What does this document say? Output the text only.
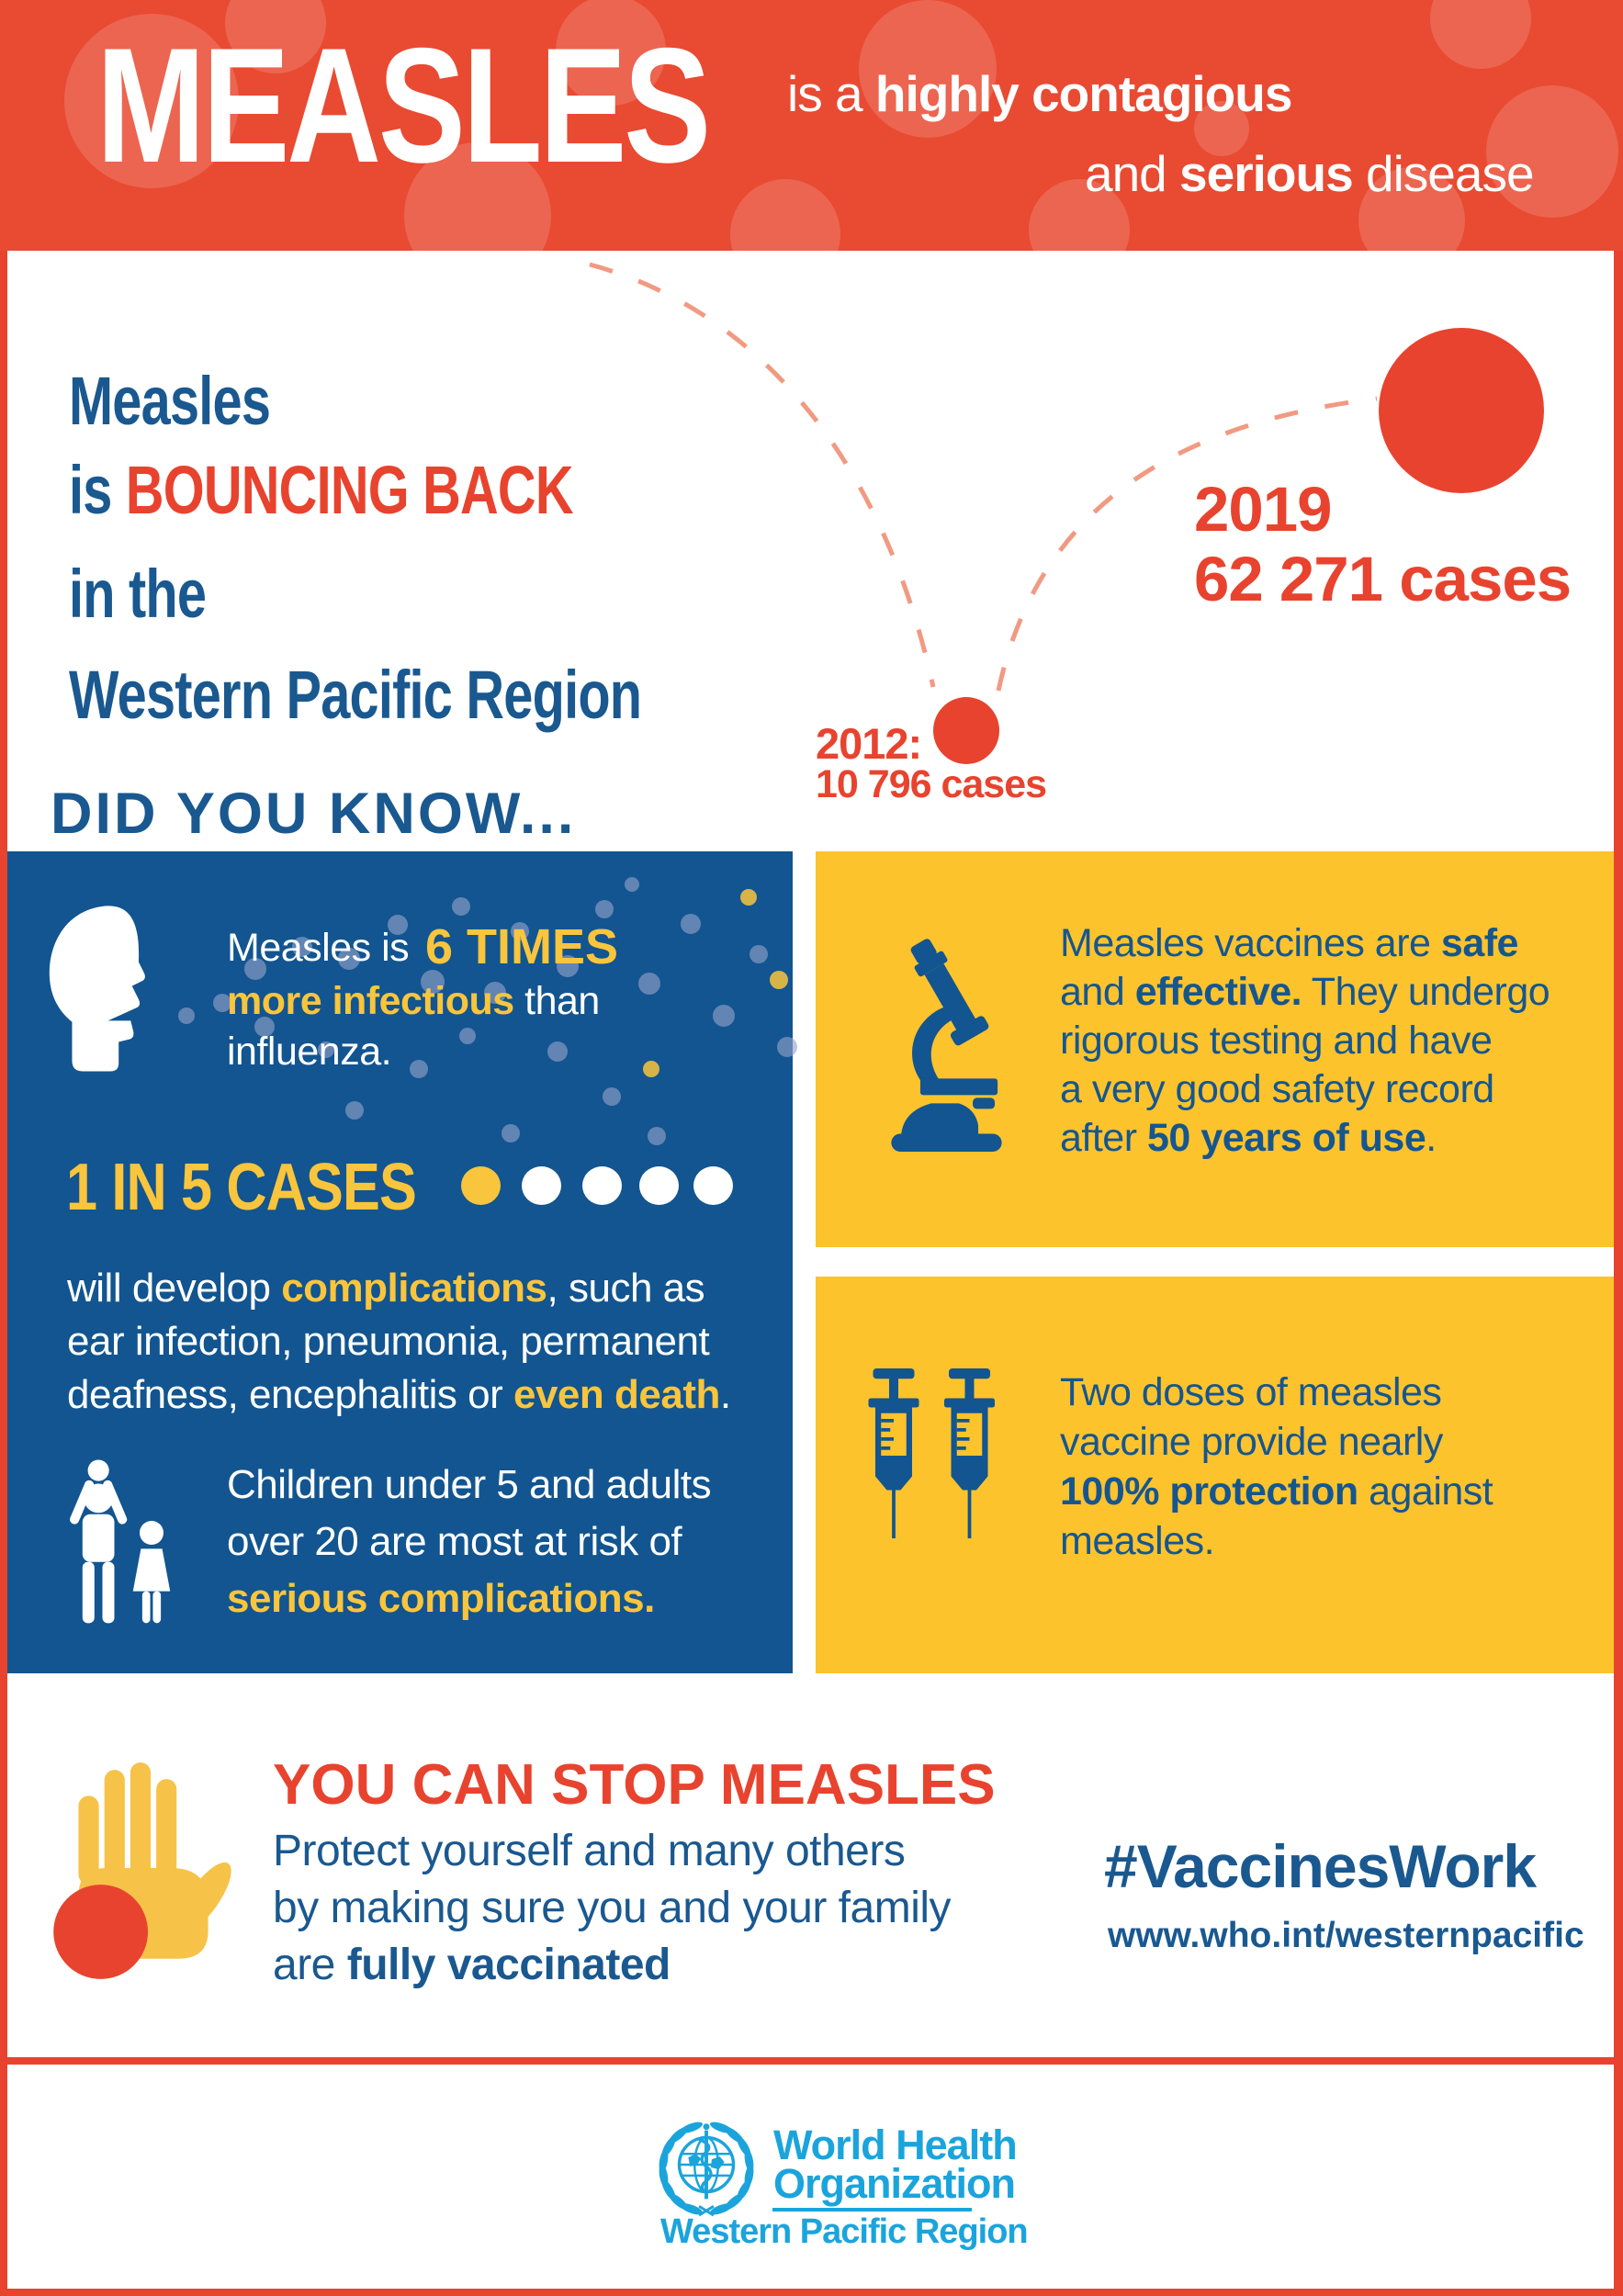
MEASLES is a highly contagious
and serious disease
Measles
is BOUNCING BACK
in the
Western Pacific Region
2019
62 271 cases
2012:
10 796 cases
DID YOU KNOW...
Measles is 6 TIMES
more infectious than
influenza.
1 IN 5 CASES
will develop complications, such as
ear infection, pneumonia, permanent
deafness, encephalitis or even death.
Children under 5 and adults
over 20 are most at risk of
serious complications.
Measles vaccines are safe
and effective. They undergo
rigorous testing and have
a very good safety record
after 50 years of use.
Two doses of measles
vaccine provide nearly
100% protection against
measles.
YOU CAN STOP MEASLES
Protect yourself and many others
by making sure you and your family
are fully vaccinated
#VaccinesWork
www.who.int/westernpacific
World Health
Organization
Western Pacific Region
